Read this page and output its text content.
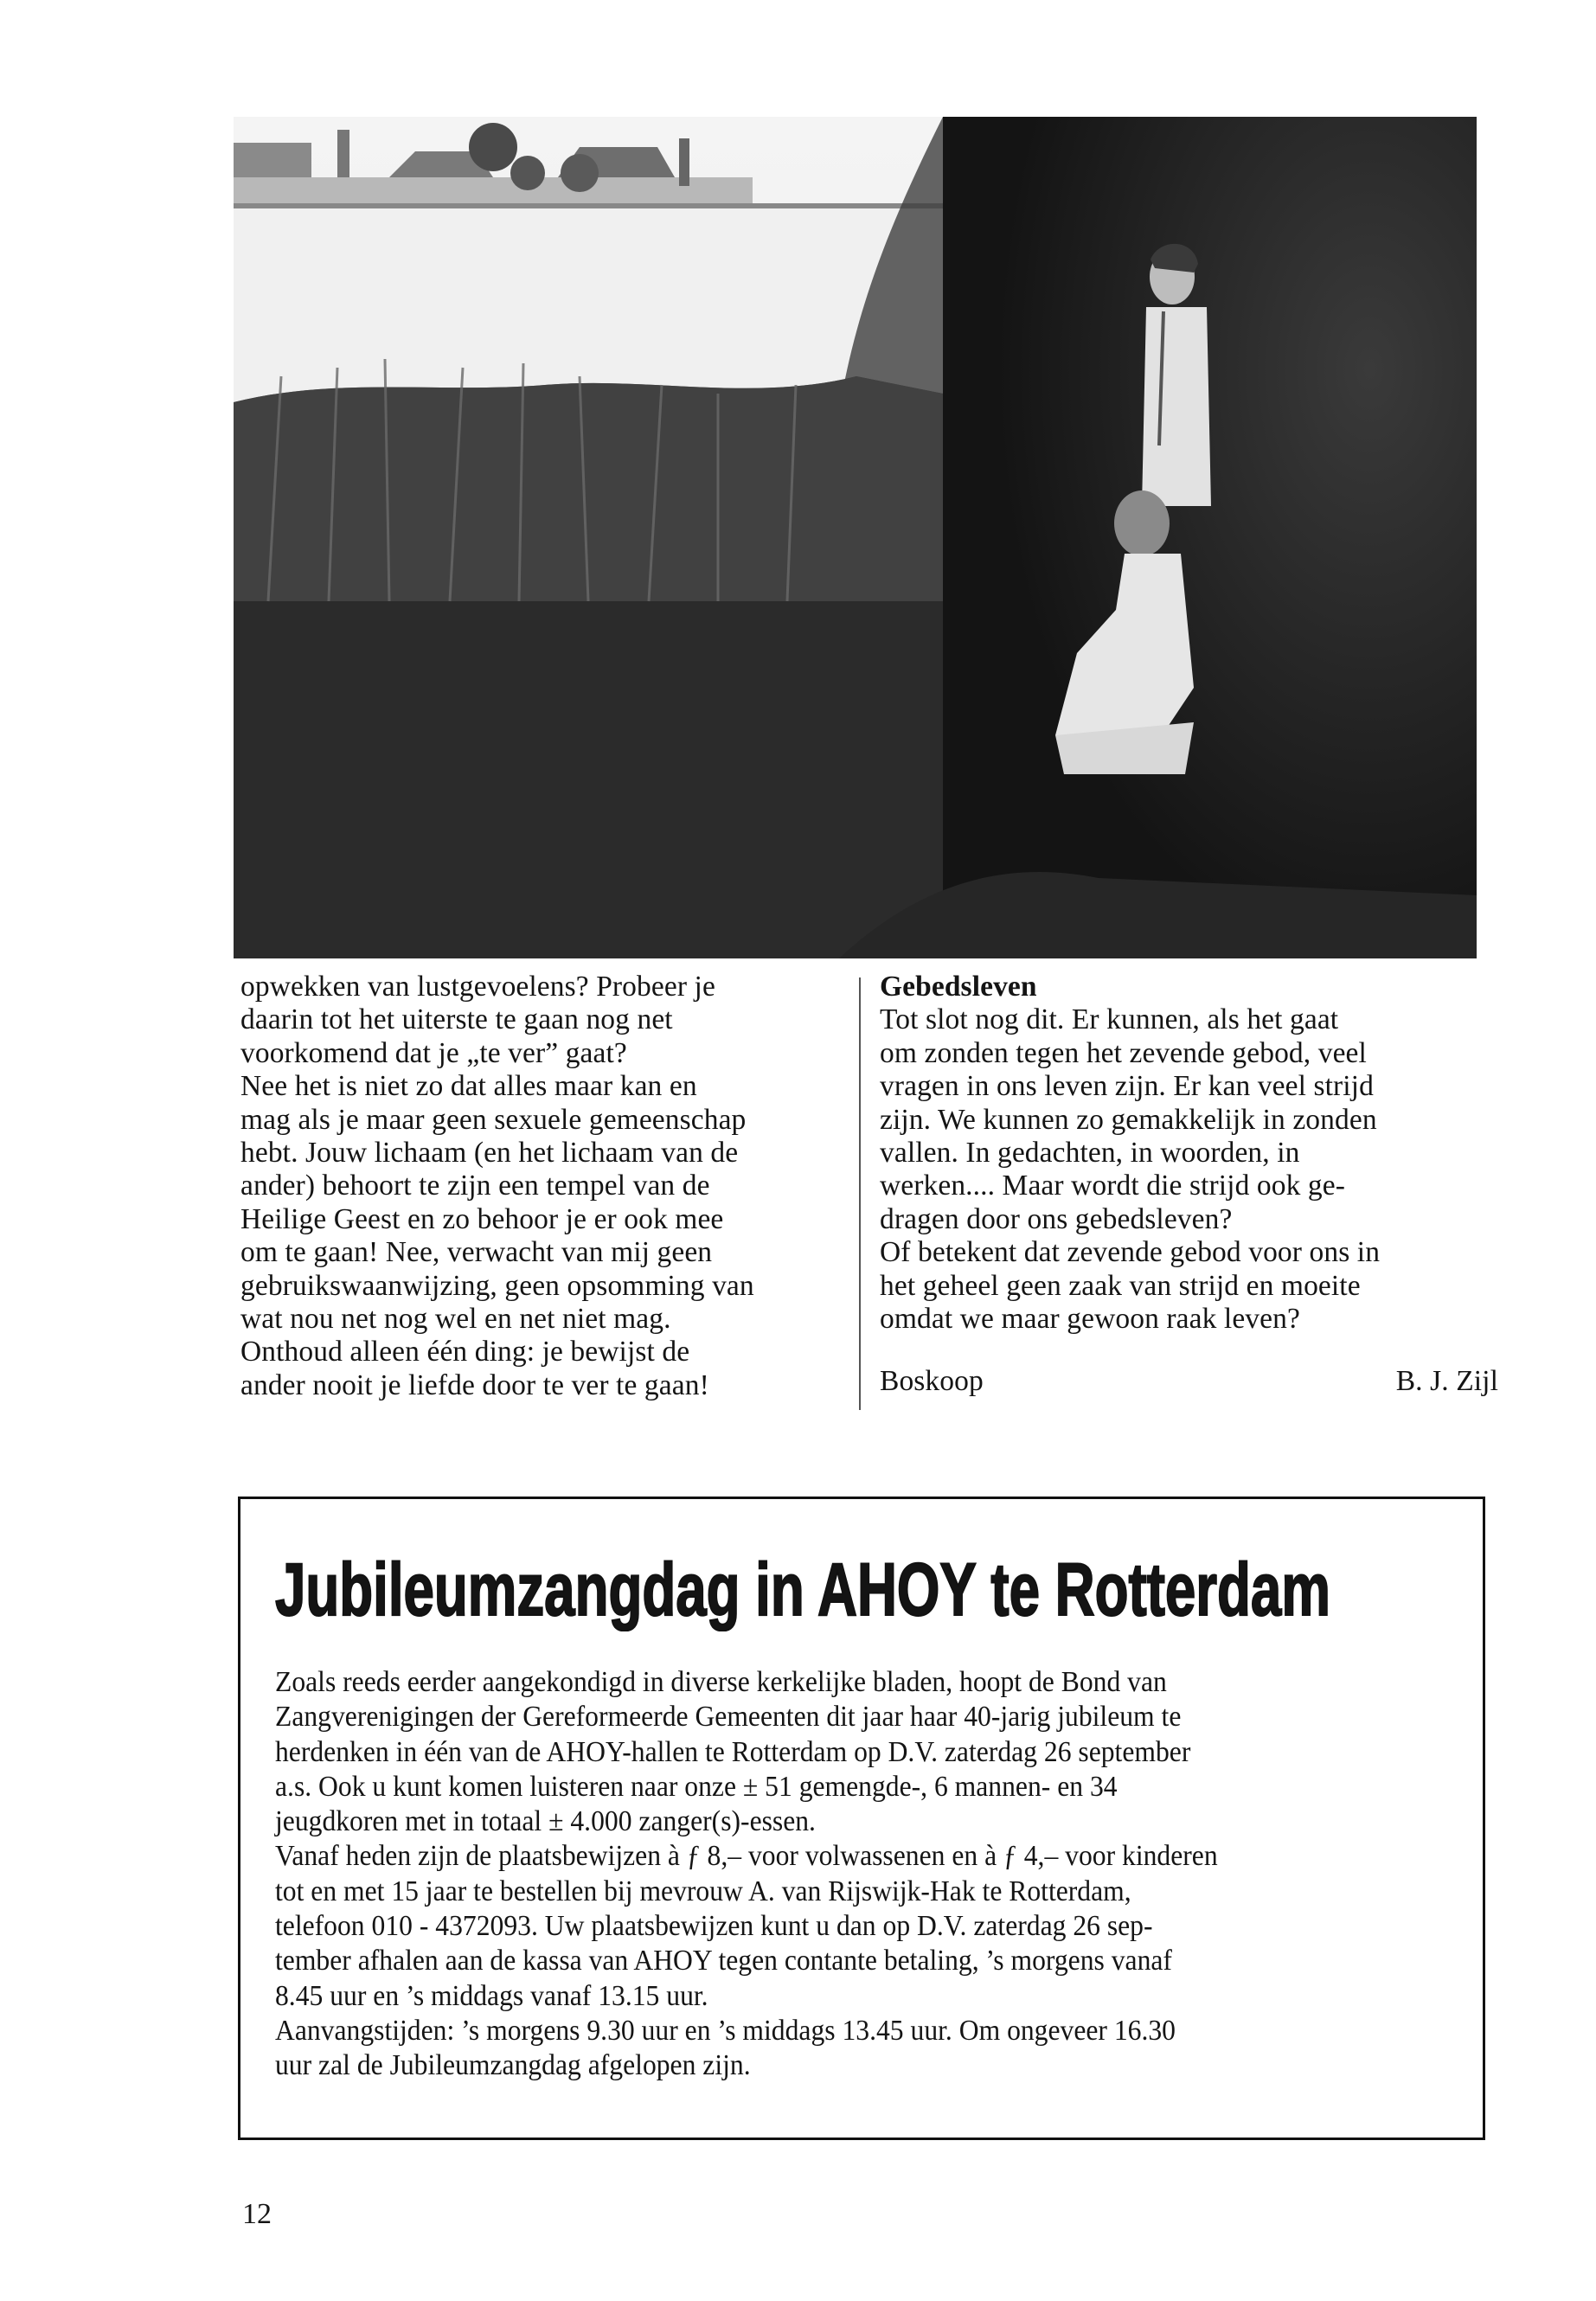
opwekken van lustgevoelens? Probeer je

daarin tot het uiterste te gaan nog net

voorkomend dat je „te ver” gaat?

Nee het is niet zo dat alles maar kan en

mag als je maar geen sexuele gemeenschap

hebt. Jouw lichaam (en het lichaam van de

ander) behoort te zijn een tempel van de

Heilige Geest en zo behoor je er ook mee

om te gaan! Nee, verwacht van mij geen

gebruikswaanwijzing, geen opsomming van

wat nou net nog wel en net niet mag.

Onthoud alleen één ding: je bewijst de

ander nooit je liefde door te ver te gaan!

Gebedsleven

Tot slot nog dit. Er kunnen, als het gaat

om zonden tegen het zevende gebod, veel

vragen in ons leven zijn. Er kan veel strijd

zijn. We kunnen zo gemakkelijk in zonden

vallen. In gedachten, in woorden, in

werken.... Maar wordt die strijd ook ge-

dragen door ons gebedsleven?

Of betekent dat zevende gebod voor ons in

het geheel geen zaak van strijd en moeite

omdat we maar gewoon raak leven?

Boskoop	B. J. Zijl

Jubileumzangdag in AHOY te Rotterdam

Zoals reeds eerder aangekondigd in diverse kerkelijke bladen, hoopt de Bond van

Zangverenigingen der Gereformeerde Gemeenten dit jaar haar 40-jarig jubileum te

herdenken in één van de AHOY-hallen te Rotterdam op D.V. zaterdag 26 september

a.s. Ook u kunt komen luisteren naar onze ± 51 gemengde-, 6 mannen- en 34

jeugdkoren met in totaal ± 4.000 zanger(s)-essen.

Vanaf heden zijn de plaatsbewijzen à ƒ 8,– voor volwassenen en à ƒ 4,– voor kinderen

tot en met 15 jaar te bestellen bij mevrouw A. van Rijswijk-Hak te Rotterdam,

telefoon 010 - 4372093. Uw plaatsbewijzen kunt u dan op D.V. zaterdag 26 sep-

tember afhalen aan de kassa van AHOY tegen contante betaling, ’s morgens vanaf

8.45 uur en ’s middags vanaf 13.15 uur.

Aanvangstijden: ’s morgens 9.30 uur en ’s middags 13.45 uur. Om ongeveer 16.30

uur zal de Jubileumzangdag afgelopen zijn.

12
